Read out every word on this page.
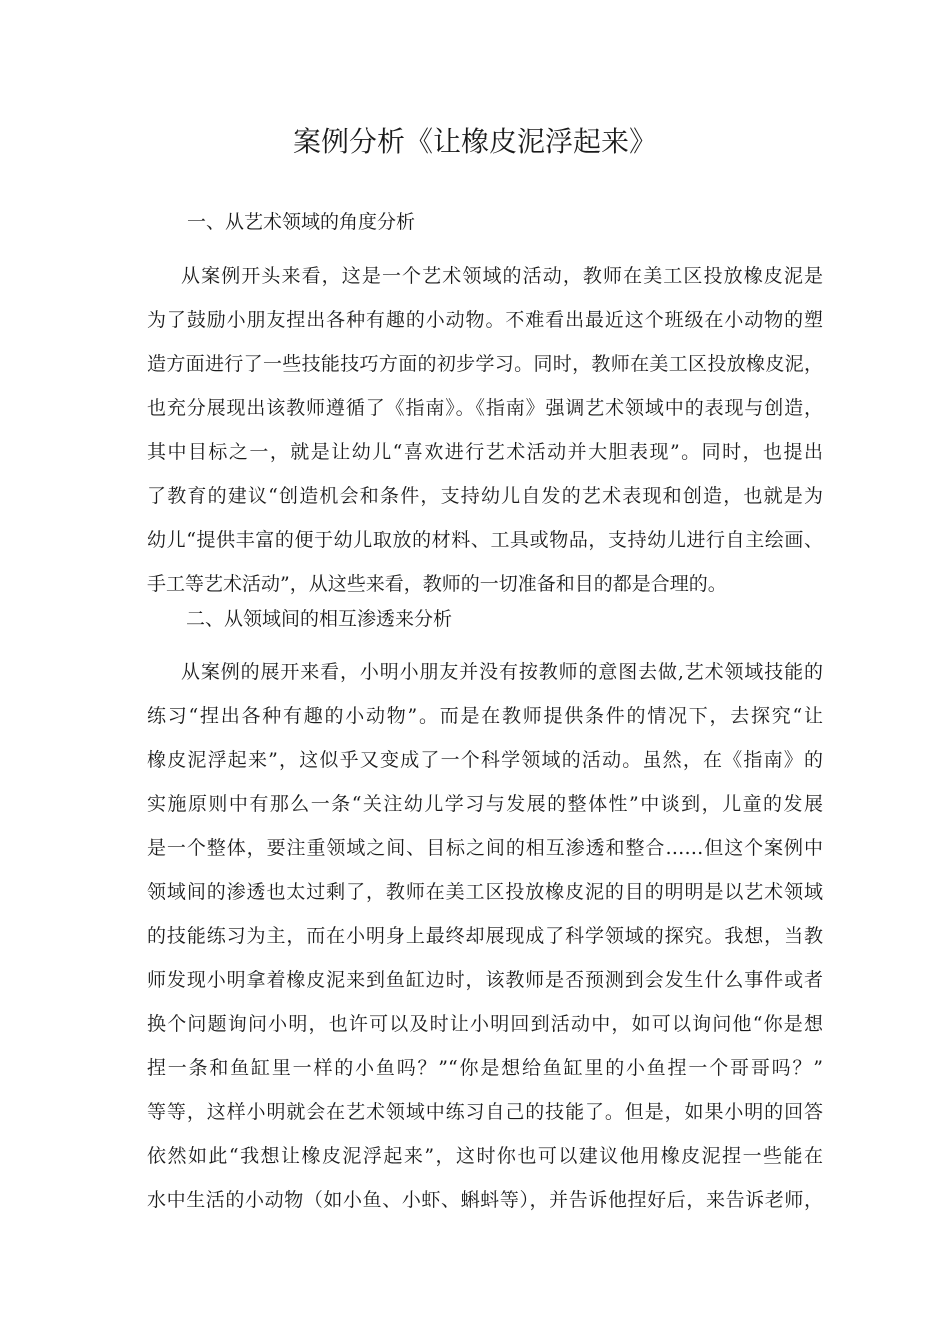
案例分析《让橡皮泥浮起来》
一、从艺术领域的角度分析
从案例开头来看，这是一个艺术领域的活动，教师在美工区投放橡皮泥是
为了鼓励小朋友捏出各种有趣的小动物。不难看出最近这个班级在小动物的塑
造方面进行了一些技能技巧方面的初步学习。同时，教师在美工区投放橡皮泥，
也充分展现出该教师遵循了《指南》。《指南》强调艺术领域中的表现与创造，
其中目标之一，就是让幼儿“喜欢进行艺术活动并大胆表现”。同时，也提出
了教育的建议“创造机会和条件，支持幼儿自发的艺术表现和创造，也就是为
幼儿“提供丰富的便于幼儿取放的材料、工具或物品，支持幼儿进行自主绘画、
手工等艺术活动”，从这些来看，教师的一切准备和目的都是合理的。
二、从领域间的相互渗透来分析
从案例的展开来看，小明小朋友并没有按教师的意图去做,艺术领域技能的
练习“捏出各种有趣的小动物”。而是在教师提供条件的情况下，去探究“让
橡皮泥浮起来”，这似乎又变成了一个科学领域的活动。虽然，在《指南》的
实施原则中有那么一条“关注幼儿学习与发展的整体性”中谈到，儿童的发展
是一个整体，要注重领域之间、目标之间的相互渗透和整合……但这个案例中
领域间的渗透也太过剩了，教师在美工区投放橡皮泥的目的明明是以艺术领域
的技能练习为主，而在小明身上最终却展现成了科学领域的探究。我想，当教
师发现小明拿着橡皮泥来到鱼缸边时，该教师是否预测到会发生什么事件或者
换个问题询问小明，也许可以及时让小明回到活动中，如可以询问他“你是想
捏一条和鱼缸里一样的小鱼吗？”“你是想给鱼缸里的小鱼捏一个哥哥吗？”
等等，这样小明就会在艺术领域中练习自己的技能了。但是，如果小明的回答
依然如此“我想让橡皮泥浮起来”，这时你也可以建议他用橡皮泥捏一些能在
水中生活的小动物（如小鱼、小虾、蝌蚪等），并告诉他捏好后，来告诉老师，
